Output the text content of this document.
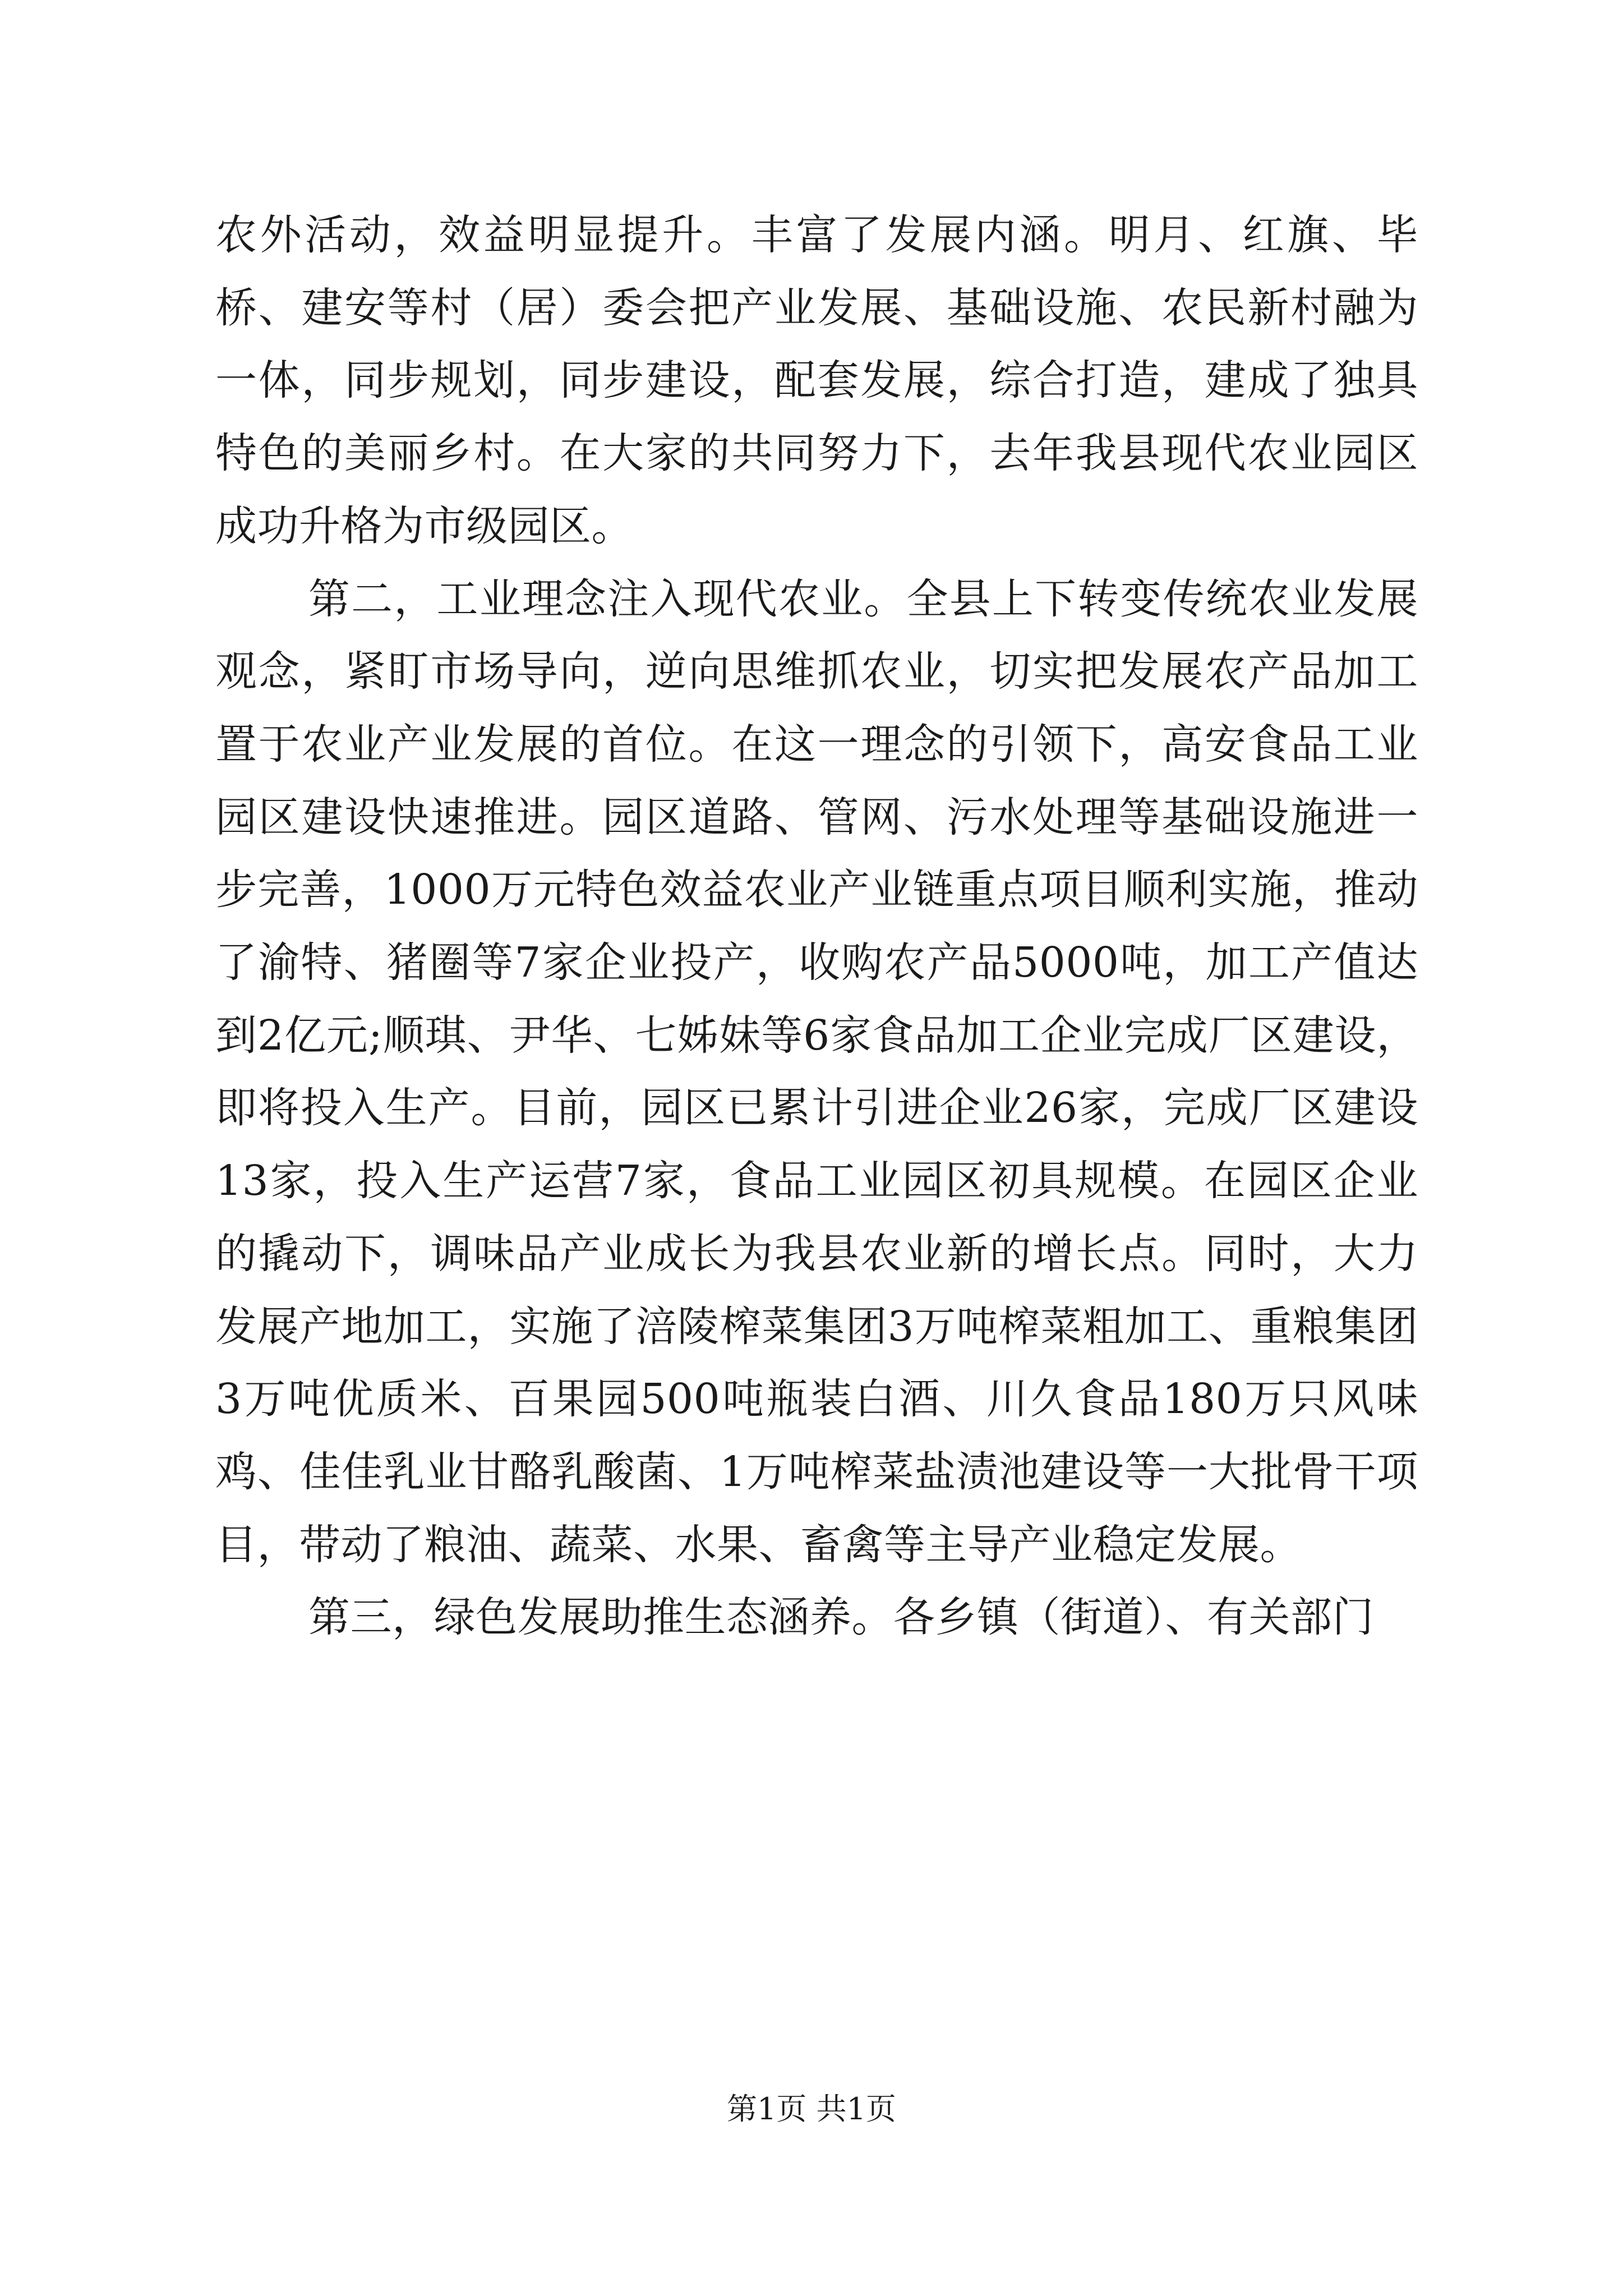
农外活动，效益明显提升。丰富了发展内涵。明月、红旗、毕桥、建安等村（居）委会把产业发展、基础设施、农民新村融为一体，同步规划，同步建设，配套发展，综合打造，建成了独具特色的美丽乡村。在大家的共同努力下，去年我县现代农业园区成功升格为市级园区。

第二，工业理念注入现代农业。全县上下转变传统农业发展观念，紧盯市场导向，逆向思维抓农业，切实把发展农产品加工置于农业产业发展的首位。在这一理念的引领下，高安食品工业园区建设快速推进。园区道路、管网、污水处理等基础设施进一步完善，1000万元特色效益农业产业链重点项目顺利实施，推动了渝特、猪圈等7家企业投产，收购农产品5000吨，加工产值达到2亿元;顺琪、尹华、七姊妹等6家食品加工企业完成厂区建设，即将投入生产。目前，园区已累计引进企业26家，完成厂区建设13家，投入生产运营7家，食品工业园区初具规模。在园区企业的撬动下，调味品产业成长为我县农业新的增长点。同时，大力发展产地加工，实施了涪陵榨菜集团3万吨榨菜粗加工、重粮集团3万吨优质米、百果园500吨瓶装白酒、川久食品180万只风味鸡、佳佳乳业甘酪乳酸菌、1万吨榨菜盐渍池建设等一大批骨干项目，带动了粮油、蔬菜、水果、畜禽等主导产业稳定发展。

第三，绿色发展助推生态涵养。各乡镇（街道）、有关部门

第1页 共1页
